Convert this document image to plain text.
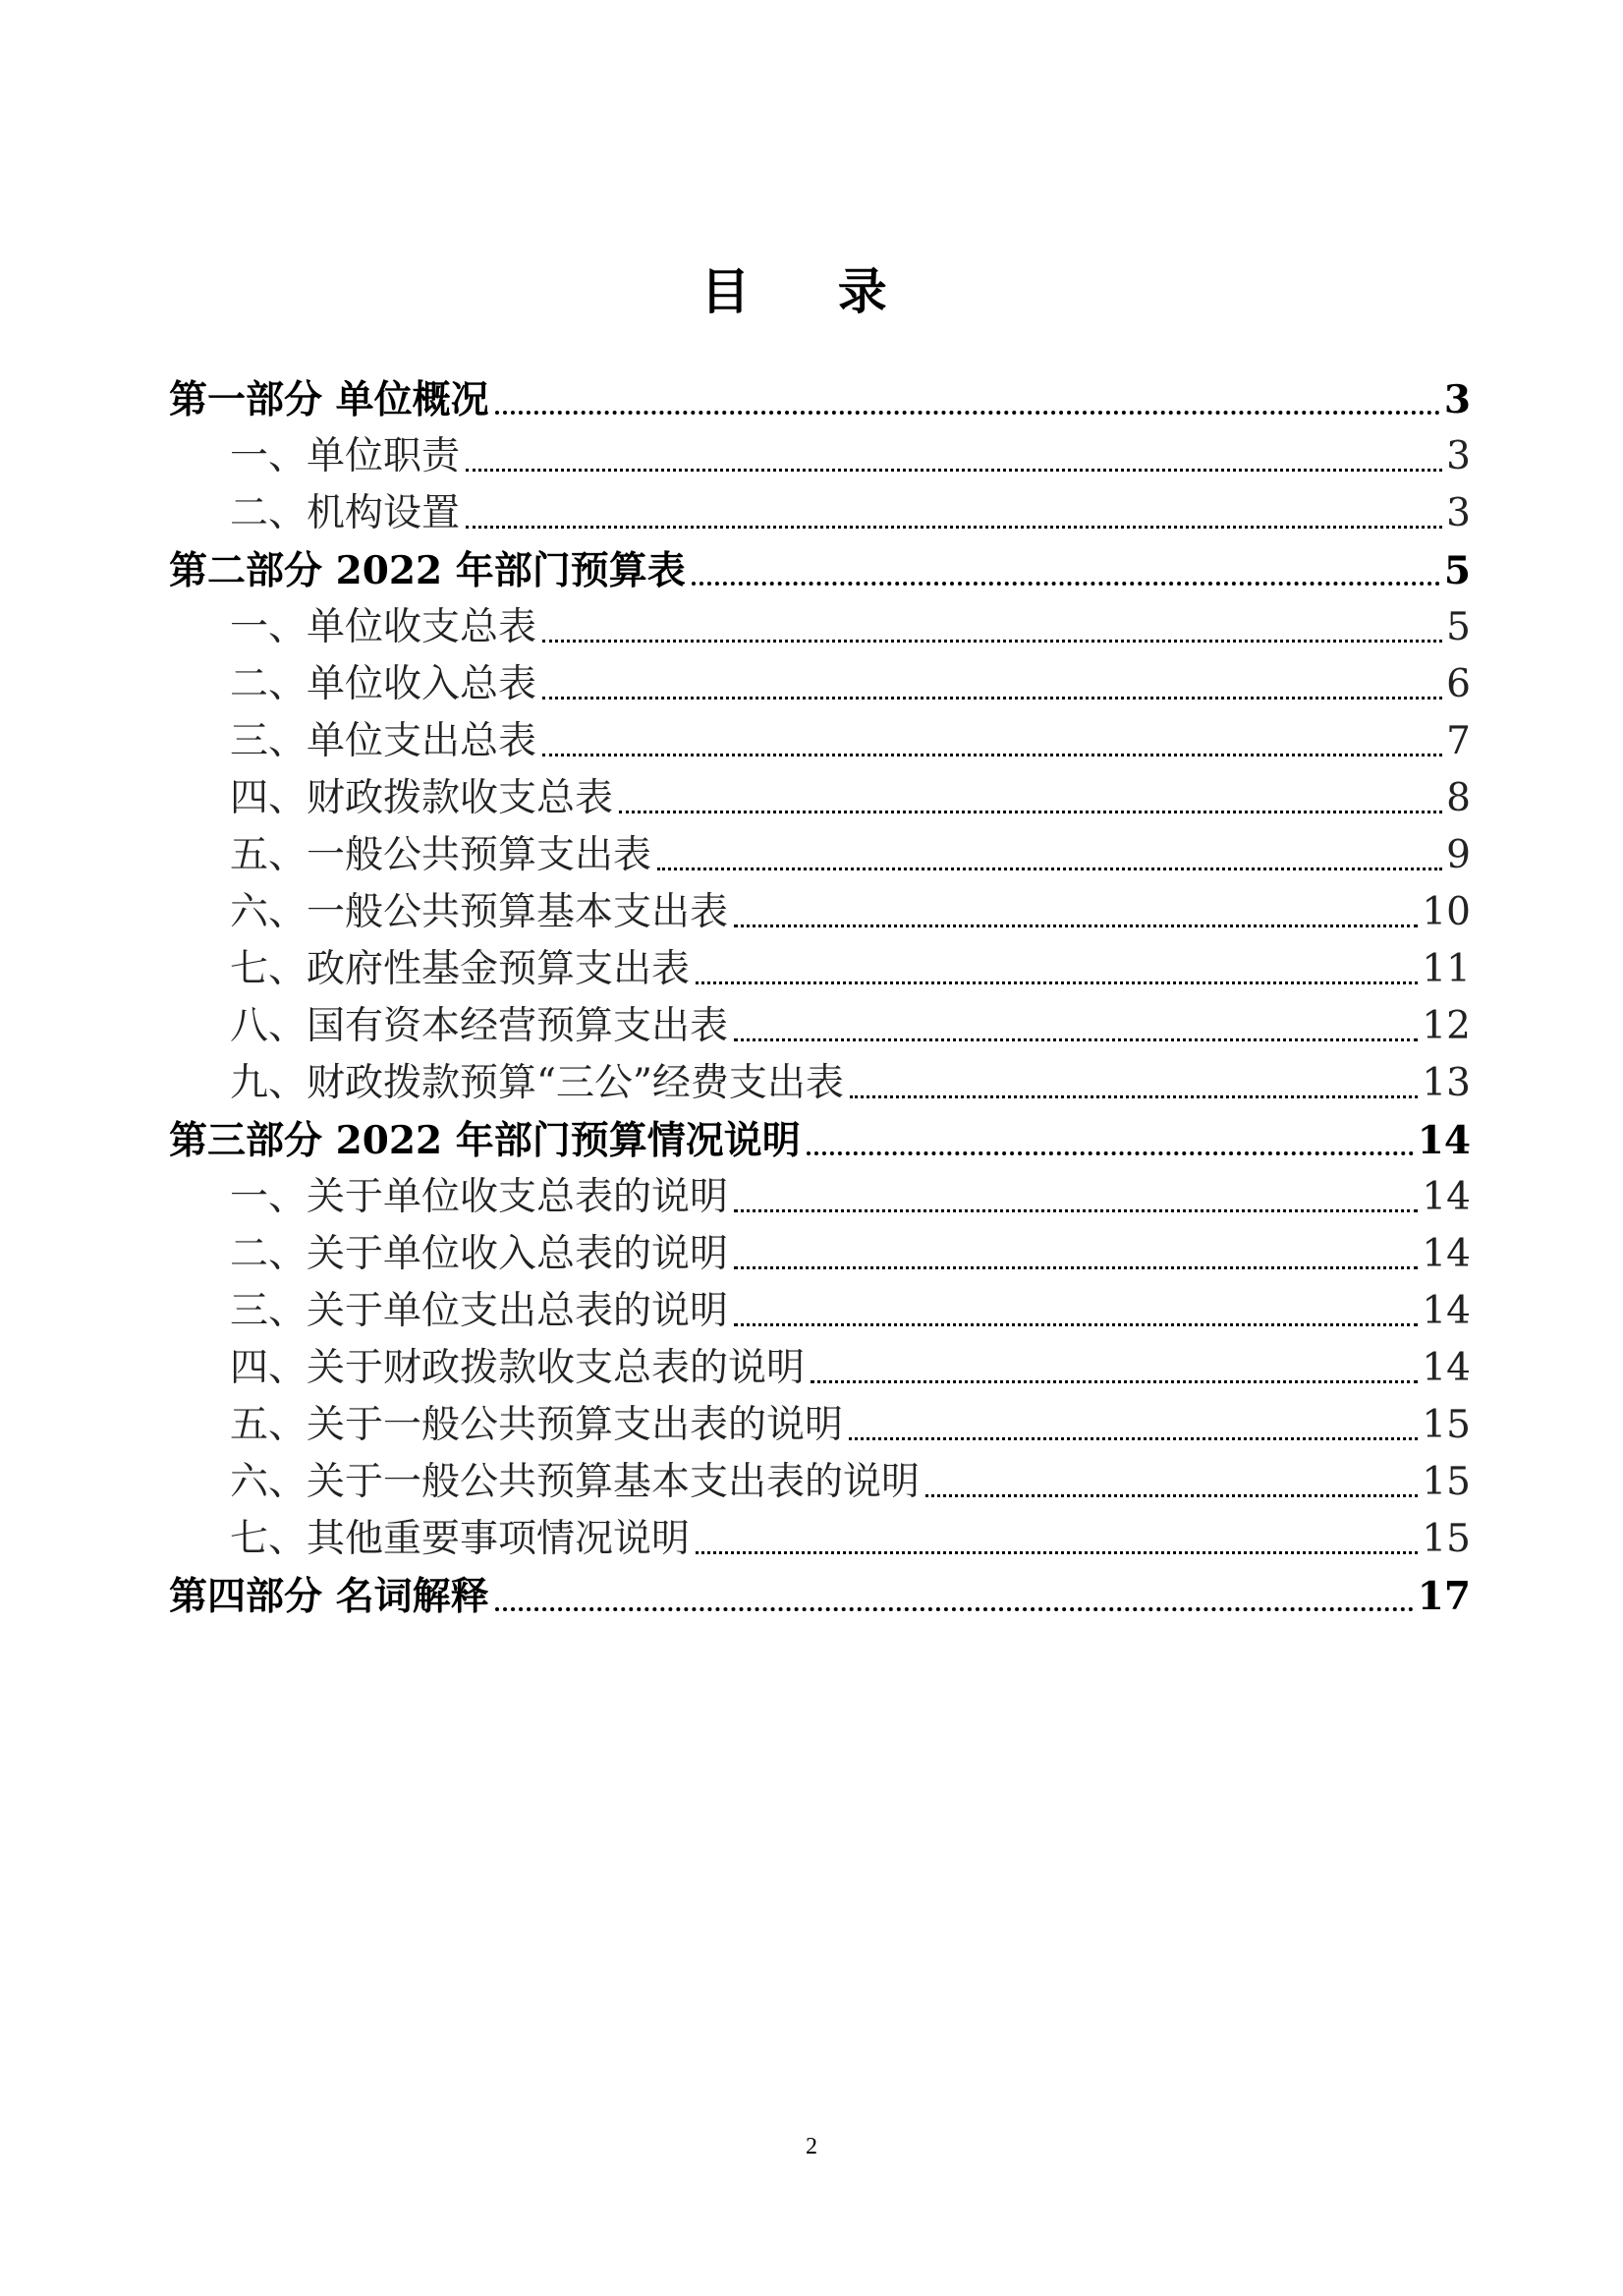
目 录
第一部分 单位概况	3
一、单位职责	3
二、机构设置	3
第二部分 2022 年部门预算表	5
一、单位收支总表	5
二、单位收入总表	6
三、单位支出总表	7
四、财政拨款收支总表	8
五、一般公共预算支出表	9
六、一般公共预算基本支出表	10
七、政府性基金预算支出表	11
八、国有资本经营预算支出表	12
九、财政拨款预算“三公”经费支出表	13
第三部分 2022 年部门预算情况说明	14
一、关于单位收支总表的说明	14
二、关于单位收入总表的说明	14
三、关于单位支出总表的说明	14
四、关于财政拨款收支总表的说明	14
五、关于一般公共预算支出表的说明	15
六、关于一般公共预算基本支出表的说明	15
七、其他重要事项情况说明	15
第四部分 名词解释	17
2
